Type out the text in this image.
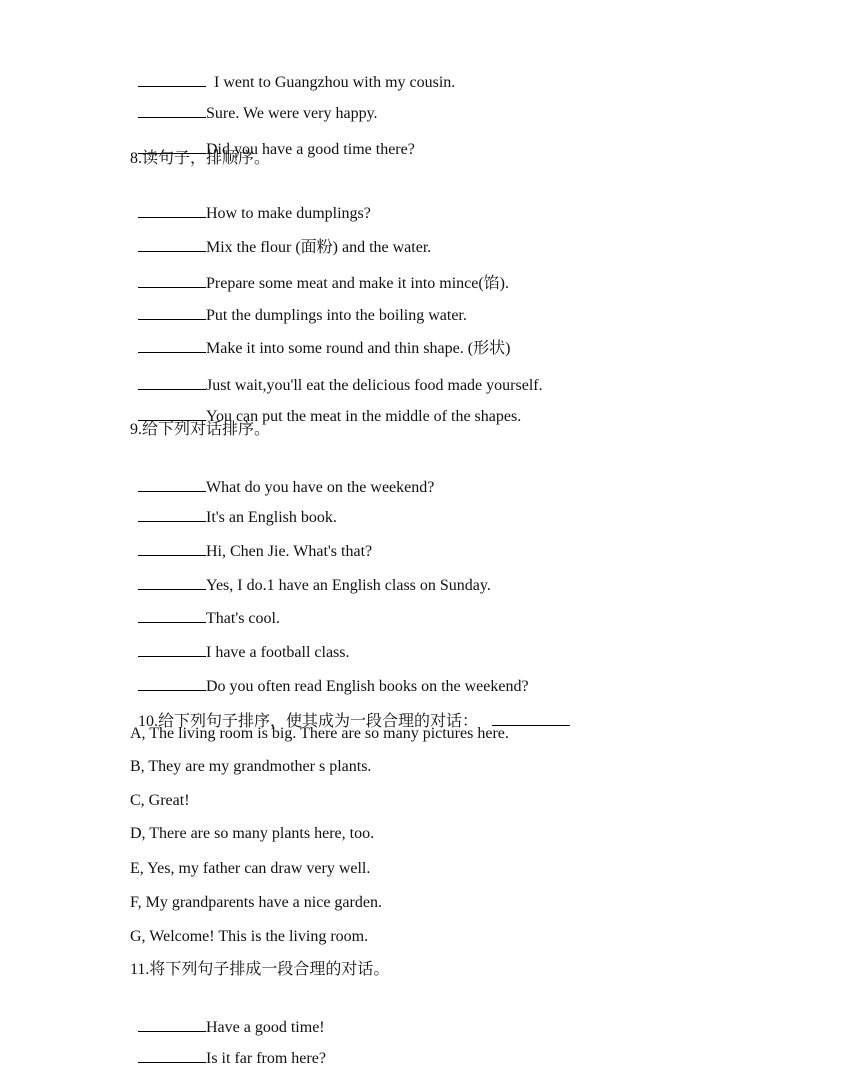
I went to Guangzhou with my cousin.

Sure. We were very happy.

Did you have a good time there?

8.读句子，排顺序。

How to make dumplings?

Mix the flour (面粉) and the water.

Prepare some meat and make it into mince(馅).

Put the dumplings into the boiling water.

Make it into some round and thin shape. (形状)

Just wait,you'll eat the delicious food made yourself.

You can put the meat in the middle of the shapes.

9.给下列对话排序。

What do you have on the weekend?

It's an English book.

Hi, Chen Jie. What's that?

Yes, I do.1 have an English class on Sunday.

That's cool.

I have a football class.

Do you often read English books on the weekend?

10.给下列句子排序，使其成为一段合理的对话：

A, The living room is big. There are so many pictures here.
B, They are my grandmother s plants.
C, Great!
D, There are so many plants here, too.
E, Yes, my father can draw very well.
F, My grandparents have a nice garden.
G, Welcome! This is the living room.
11.将下列句子排成一段合理的对话。

Have a good time!

Is it far from here?
